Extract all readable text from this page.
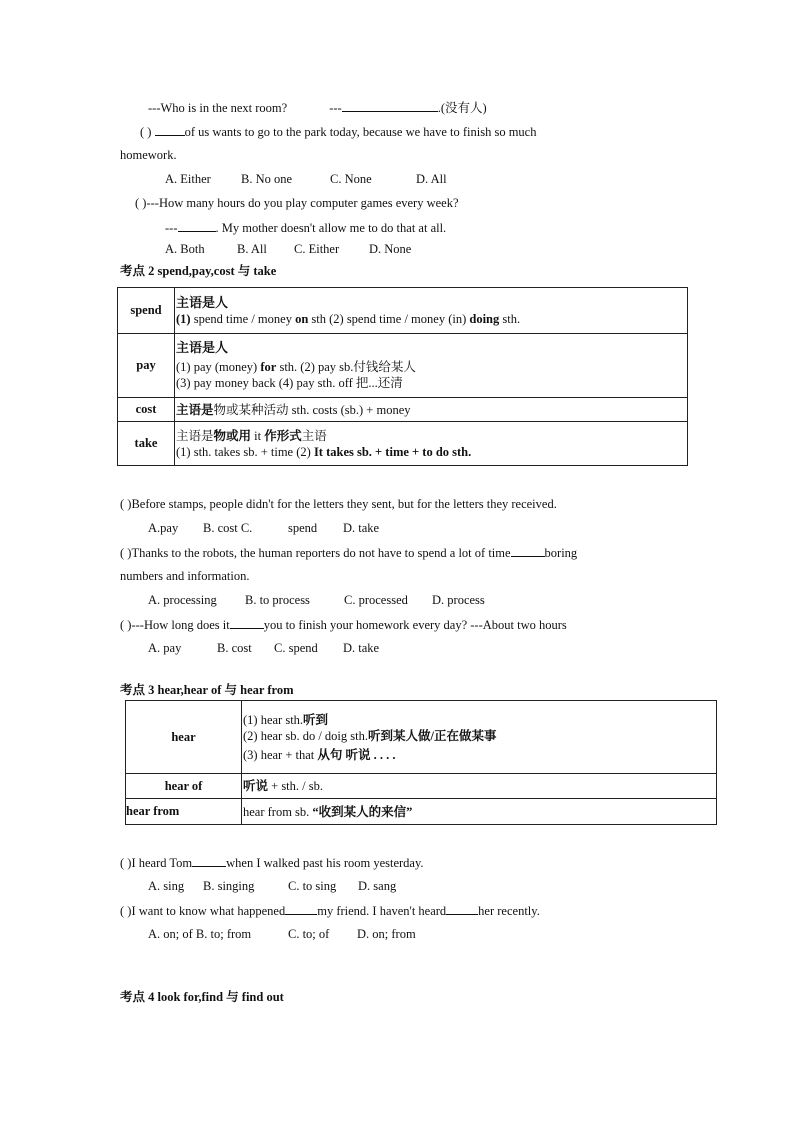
---Who is in the next room?	---	.(没有人)
( )	of us wants to go to the park today, because we have to finish so much
homework.
A. Either B. No one	C. None	D. All
( )---How many hours do you play computer games every week?
---	. My mother doesn't allow me to do that at all.
A. Both	B. All C. Either D. None
考点 2 spend,pay,cost 与 take
spend	主语是人
(1) spend time / money on sth (2) spend time / money (in) doing sth.

pay	主语是人
(1) pay (money) for sth. (2) pay sb.付钱给某人
(3) pay money back (4) pay sth. off 把...还清

cost	主语是物或某种活动 sth. costs (sb.) + money

take	主语是物或用 it 作形式主语
(1) sth. takes sb. + time (2) It takes sb. + time + to do sth.
( )Before stamps, people didn't for the letters they sent, but for the letters they received.
A.pay B. cost C.	spend D. take
( )Thanks to the robots, the human reporters do not have to spend a lot of time	boring
numbers and information.
A. processing B. to process	C. processed D. process
( )---How long does it	you to finish your homework every day? ---About two hours
A. pay	B. cost C. spend D. take
考点 3 hear,hear of 与 hear from
hear	(1) hear sth.听到
(2) hear sb. do / doig sth.听到某人做/正在做某事
(3) hear + that 从句 听说 . . . .

hear of	听说 + sth. / sb.

hear from	hear from sb. “收到某人的来信”
( )I heard Tom	when I walked past his room yesterday.
A. sing B. singing	C. to sing D. sang
( )I want to know what happened	my friend. I haven't heard	her recently.
A. on; of B. to; from	C. to; of D. on; from
考点 4 look for,find 与 find out
